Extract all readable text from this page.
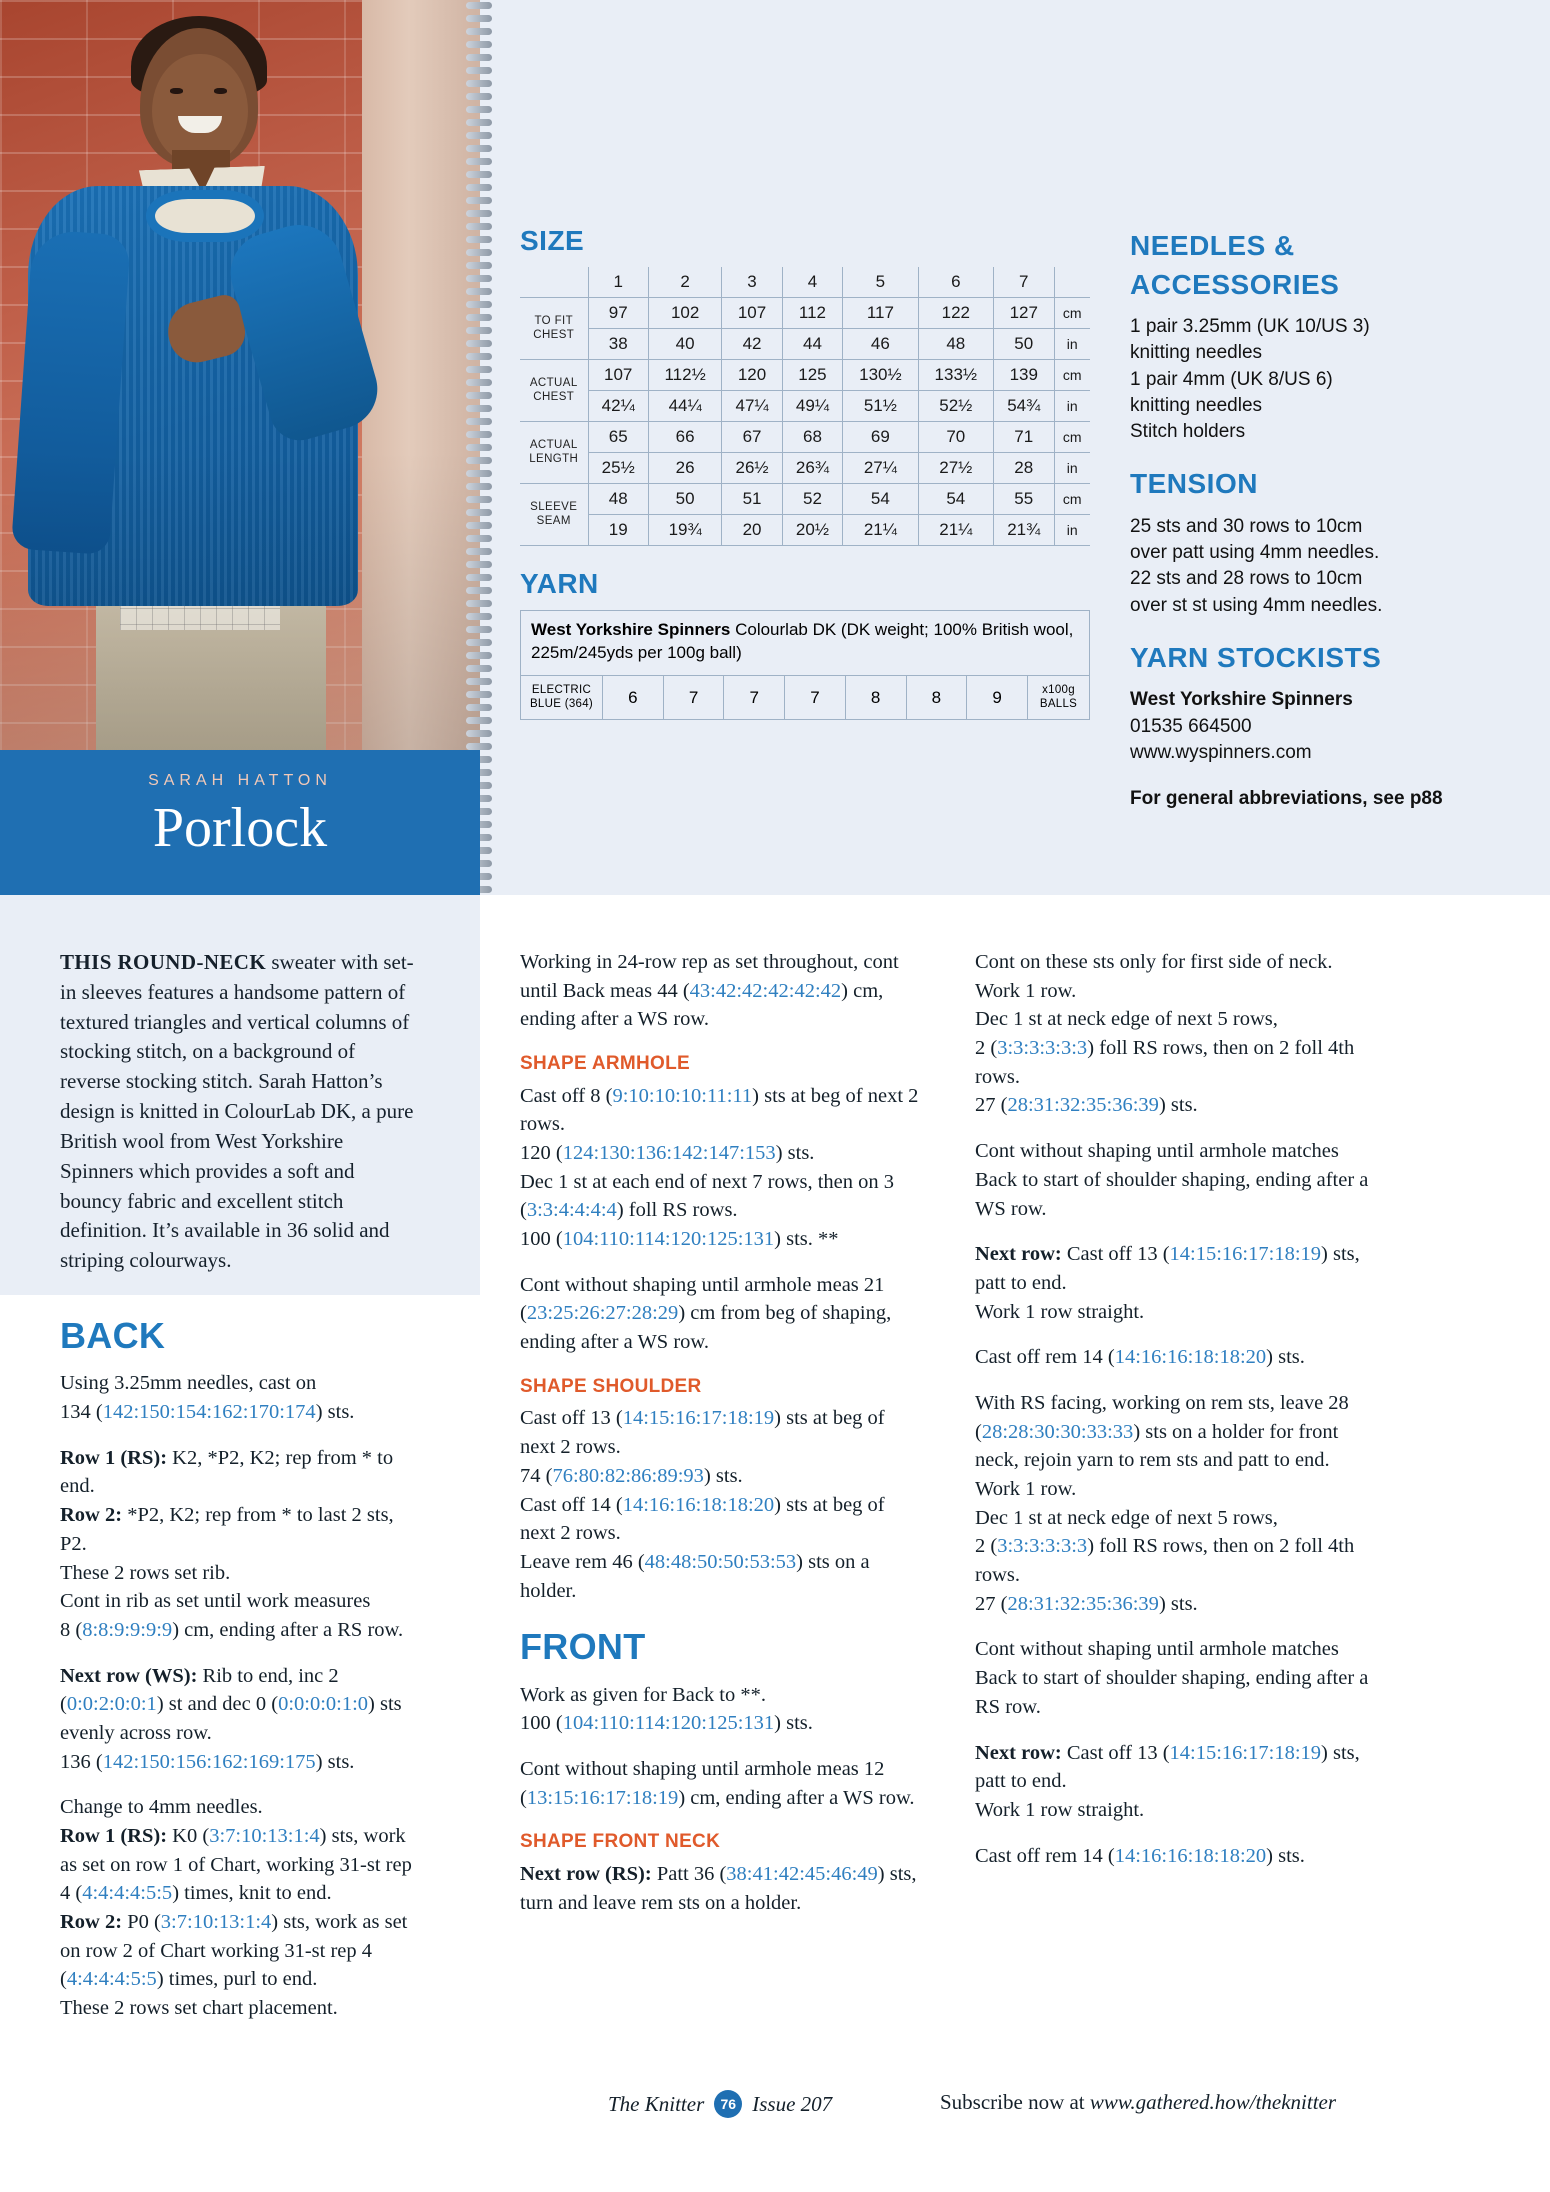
SARAH HATTON
Porlock
SIZE
	1	2	3	4	5	6	7	
TO FIT
CHEST	97	102	107	112	117	122	127	cm
	38	40	42	44	46	48	50	in
ACTUAL
CHEST	107	112½	120	125	130½	133½	139	cm
	42¼	44¼	47¼	49¼	51½	52½	54¾	in
ACTUAL
LENGTH	65	66	67	68	69	70	71	cm
	25½	26	26½	26¾	27¼	27½	28	in
SLEEVE
SEAM	48	50	51	52	54	54	55	cm
	19	19¾	20	20½	21¼	21¼	21¾	in
YARN
West Yorkshire Spinners Colourlab DK (DK weight; 100% British wool, 225m/245yds per 100g ball)
ELECTRIC
BLUE (364)	6	7	7	7	8	8	9	x100g
BALLS
NEEDLES &
ACCESSORIES
1 pair 3.25mm (UK 10/US 3)
knitting needles
1 pair 4mm (UK 8/US 6)
knitting needles
Stitch holders
TENSION
25 sts and 30 rows to 10cm
over patt using 4mm needles.
22 sts and 28 rows to 10cm
over st st using 4mm needles.
YARN STOCKISTS
West Yorkshire Spinners
01535 664500
www.wyspinners.com
For general abbreviations, see p88
THIS ROUND-NECK sweater with set-in sleeves features a handsome pattern of textured triangles and vertical columns of stocking stitch, on a background of reverse stocking stitch. Sarah Hatton’s design is knitted in ColourLab DK, a pure British wool from West Yorkshire Spinners which provides a soft and bouncy fabric and excellent stitch definition. It’s available in 36 solid and striping colourways.
BACK

Using 3.25mm needles, cast on
134 (142:150:154:162:170:174) sts.

Row 1 (RS): K2, *P2, K2; rep from * to end.
Row 2: *P2, K2; rep from * to last 2 sts, P2.
These 2 rows set rib.
Cont in rib as set until work measures
8 (8:8:9:9:9:9) cm, ending after a RS row.

Next row (WS): Rib to end, inc 2 (0:0:2:0:0:1) st and dec 0 (0:0:0:0:1:0) sts evenly across row.
136 (142:150:156:162:169:175) sts.

Change to 4mm needles.
Row 1 (RS): K0 (3:7:10:13:1:4) sts, work as set on row 1 of Chart, working 31-st rep 4 (4:4:4:4:5:5) times, knit to end.
Row 2: P0 (3:7:10:13:1:4) sts, work as set on row 2 of Chart working 31-st rep 4 (4:4:4:4:5:5) times, purl to end.
These 2 rows set chart placement.

Working in 24-row rep as set throughout, cont until Back meas 44 (43:42:42:42:42:42) cm, ending after a WS row.

SHAPE ARMHOLE

Cast off 8 (9:10:10:10:11:11) sts at beg of next 2 rows.
120 (124:130:136:142:147:153) sts.
Dec 1 st at each end of next 7 rows, then on 3 (3:3:4:4:4:4) foll RS rows.
100 (104:110:114:120:125:131) sts. **

Cont without shaping until armhole meas 21 (23:25:26:27:28:29) cm from beg of shaping, ending after a WS row.

SHAPE SHOULDER

Cast off 13 (14:15:16:17:18:19) sts at beg of next 2 rows.
74 (76:80:82:86:89:93) sts.
Cast off 14 (14:16:16:18:18:20) sts at beg of next 2 rows.
Leave rem 46 (48:48:50:50:53:53) sts on a holder.

FRONT

Work as given for Back to **.
100 (104:110:114:120:125:131) sts.

Cont without shaping until armhole meas 12 (13:15:16:17:18:19) cm, ending after a WS row.

SHAPE FRONT NECK

Next row (RS): Patt 36 (38:41:42:45:46:49) sts, turn and leave rem sts on a holder.

Cont on these sts only for first side of neck.
Work 1 row.
Dec 1 st at neck edge of next 5 rows,
2 (3:3:3:3:3:3) foll RS rows, then on 2 foll 4th rows.
27 (28:31:32:35:36:39) sts.

Cont without shaping until armhole matches Back to start of shoulder shaping, ending after a WS row.

Next row: Cast off 13 (14:15:16:17:18:19) sts, patt to end.
Work 1 row straight.

Cast off rem 14 (14:16:16:18:18:20) sts.

With RS facing, working on rem sts, leave 28 (28:28:30:30:33:33) sts on a holder for front neck, rejoin yarn to rem sts and patt to end.
Work 1 row.
Dec 1 st at neck edge of next 5 rows,
2 (3:3:3:3:3:3) foll RS rows, then on 2 foll 4th rows.
27 (28:31:32:35:36:39) sts.

Cont without shaping until armhole matches Back to start of shoulder shaping, ending after a RS row.

Next row: Cast off 13 (14:15:16:17:18:19) sts, patt to end.
Work 1 row straight.

Cast off rem 14 (14:16:16:18:18:20) sts.

The Knitter	76 Issue 207	Subscribe now at www.gathered.how/theknitter
